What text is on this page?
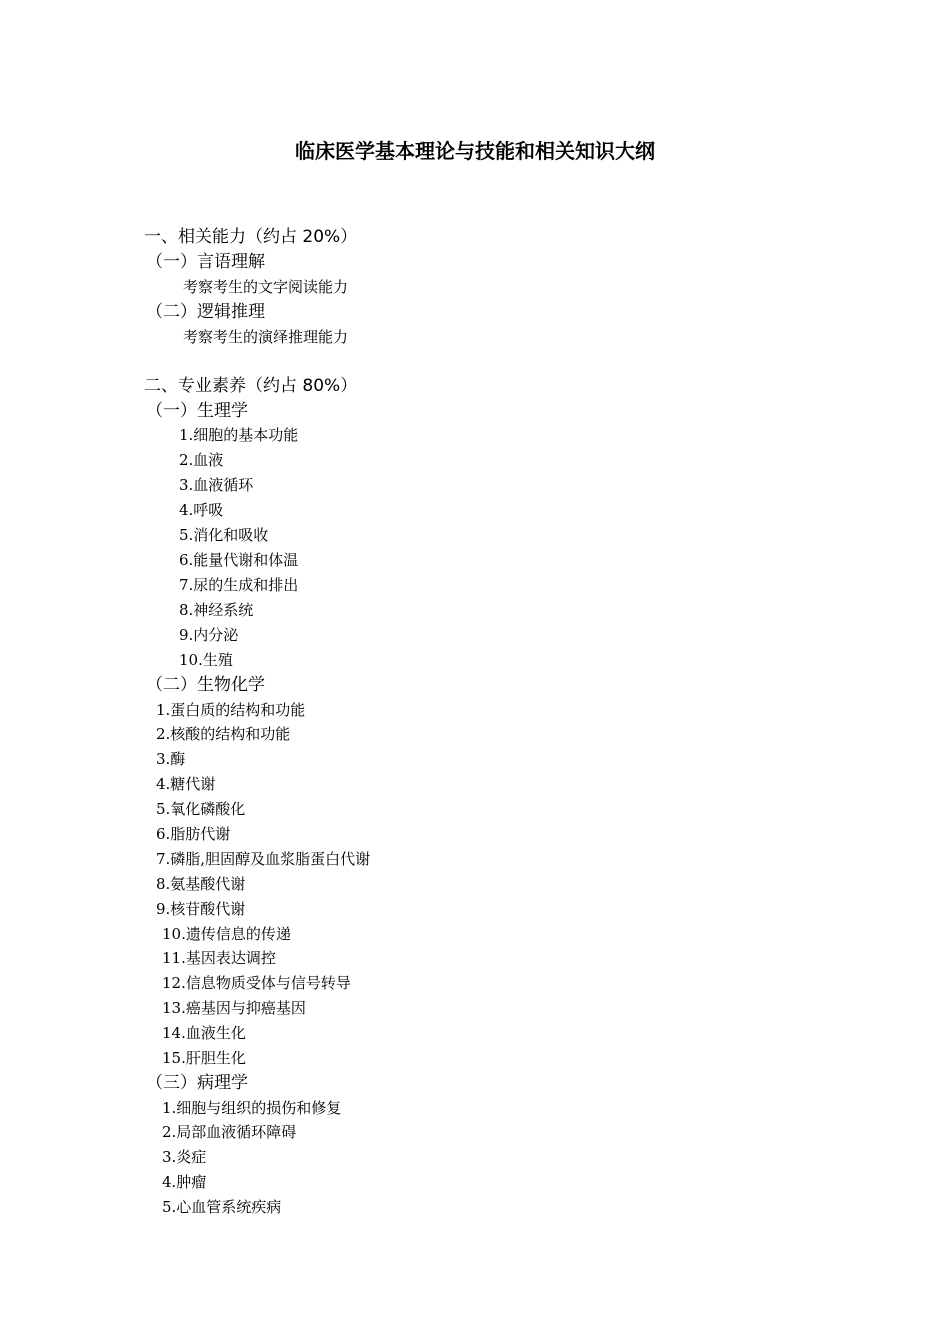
临床医学基本理论与技能和相关知识大纲
一、相关能力（约占 20%）
（一）言语理解
考察考生的文字阅读能力
（二）逻辑推理
考察考生的演绎推理能力
二、专业素养（约占 80%）
（一）生理学
1.细胞的基本功能
2.血液
3.血液循环
4.呼吸
5.消化和吸收
6.能量代谢和体温
7.尿的生成和排出
8.神经系统
9.内分泌
10.生殖
（二）生物化学
1.蛋白质的结构和功能
2.核酸的结构和功能
3.酶
4.糖代谢
5.氧化磷酸化
6.脂肪代谢
7.磷脂,胆固醇及血浆脂蛋白代谢
8.氨基酸代谢
9.核苷酸代谢
10.遗传信息的传递
11.基因表达调控
12.信息物质受体与信号转导
13.癌基因与抑癌基因
14.血液生化
15.肝胆生化
（三）病理学
1.细胞与组织的损伤和修复
2.局部血液循环障碍
3.炎症
4.肿瘤
5.心血管系统疾病
